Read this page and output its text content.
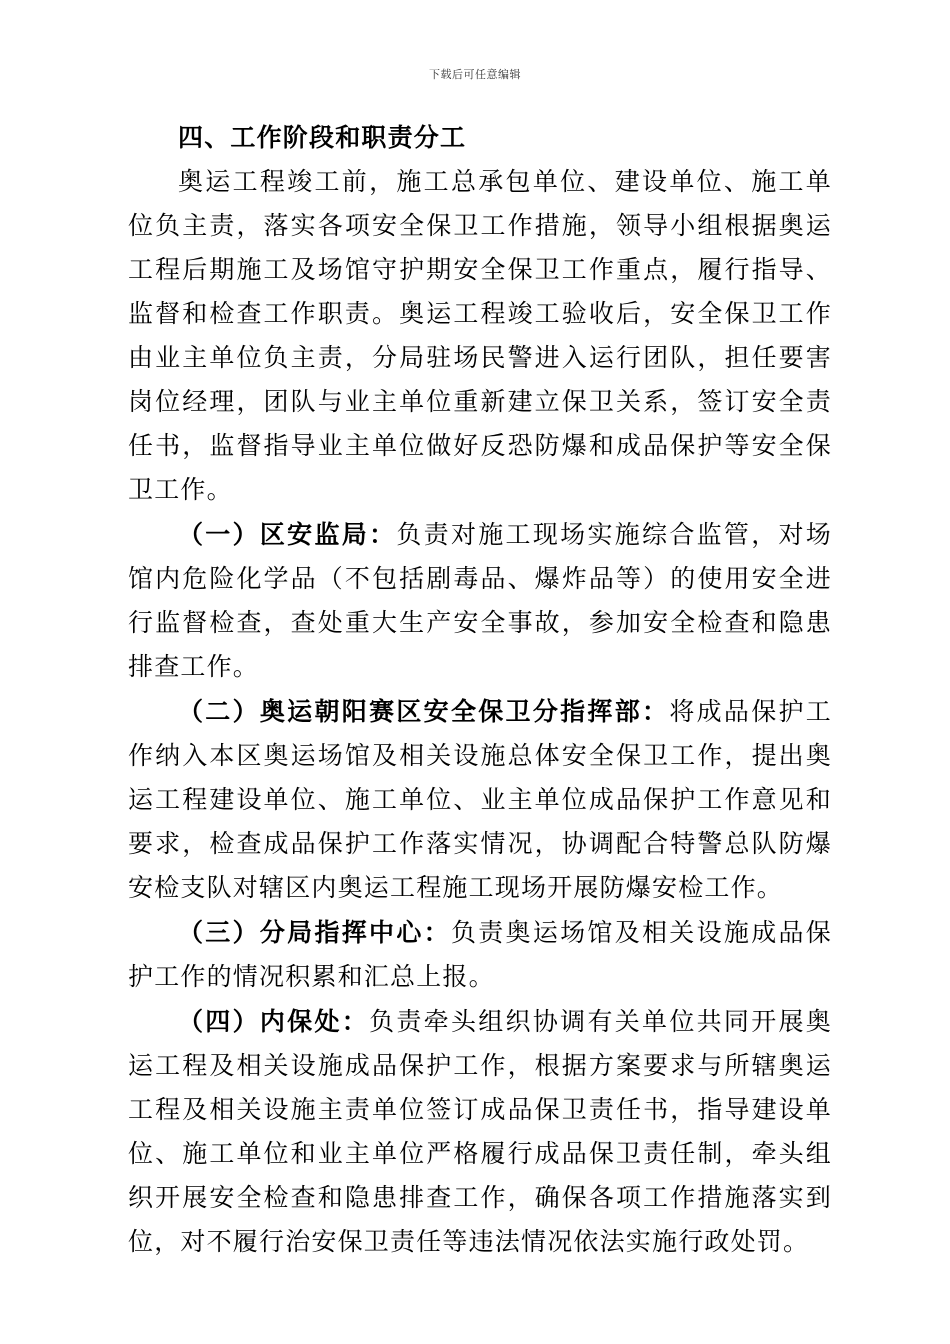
下载后可任意编辑

四、工作阶段和职责分工

奥运工程竣工前，施工总承包单位、建设单位、施工单位负主责，落实各项安全保卫工作措施，领导小组根据奥运工程后期施工及场馆守护期安全保卫工作重点，履行指导、监督和检查工作职责。奥运工程竣工验收后，安全保卫工作由业主单位负主责，分局驻场民警进入运行团队，担任要害岗位经理，团队与业主单位重新建立保卫关系，签订安全责任书，监督指导业主单位做好反恐防爆和成品保护等安全保卫工作。

（一）区安监局：负责对施工现场实施综合监管，对场馆内危险化学品（不包括剧毒品、爆炸品等）的使用安全进行监督检查，查处重大生产安全事故，参加安全检查和隐患排查工作。

（二）奥运朝阳赛区安全保卫分指挥部：将成品保护工作纳入本区奥运场馆及相关设施总体安全保卫工作，提出奥运工程建设单位、施工单位、业主单位成品保护工作意见和要求，检查成品保护工作落实情况，协调配合特警总队防爆安检支队对辖区内奥运工程施工现场开展防爆安检工作。

（三）分局指挥中心：负责奥运场馆及相关设施成品保护工作的情况积累和汇总上报。

（四）内保处：负责牵头组织协调有关单位共同开展奥运工程及相关设施成品保护工作，根据方案要求与所辖奥运工程及相关设施主责单位签订成品保卫责任书，指导建设单位、施工单位和业主单位严格履行成品保卫责任制，牵头组织开展安全检查和隐患排查工作，确保各项工作措施落实到位，对不履行治安保卫责任等违法情况依法实施行政处罚。
